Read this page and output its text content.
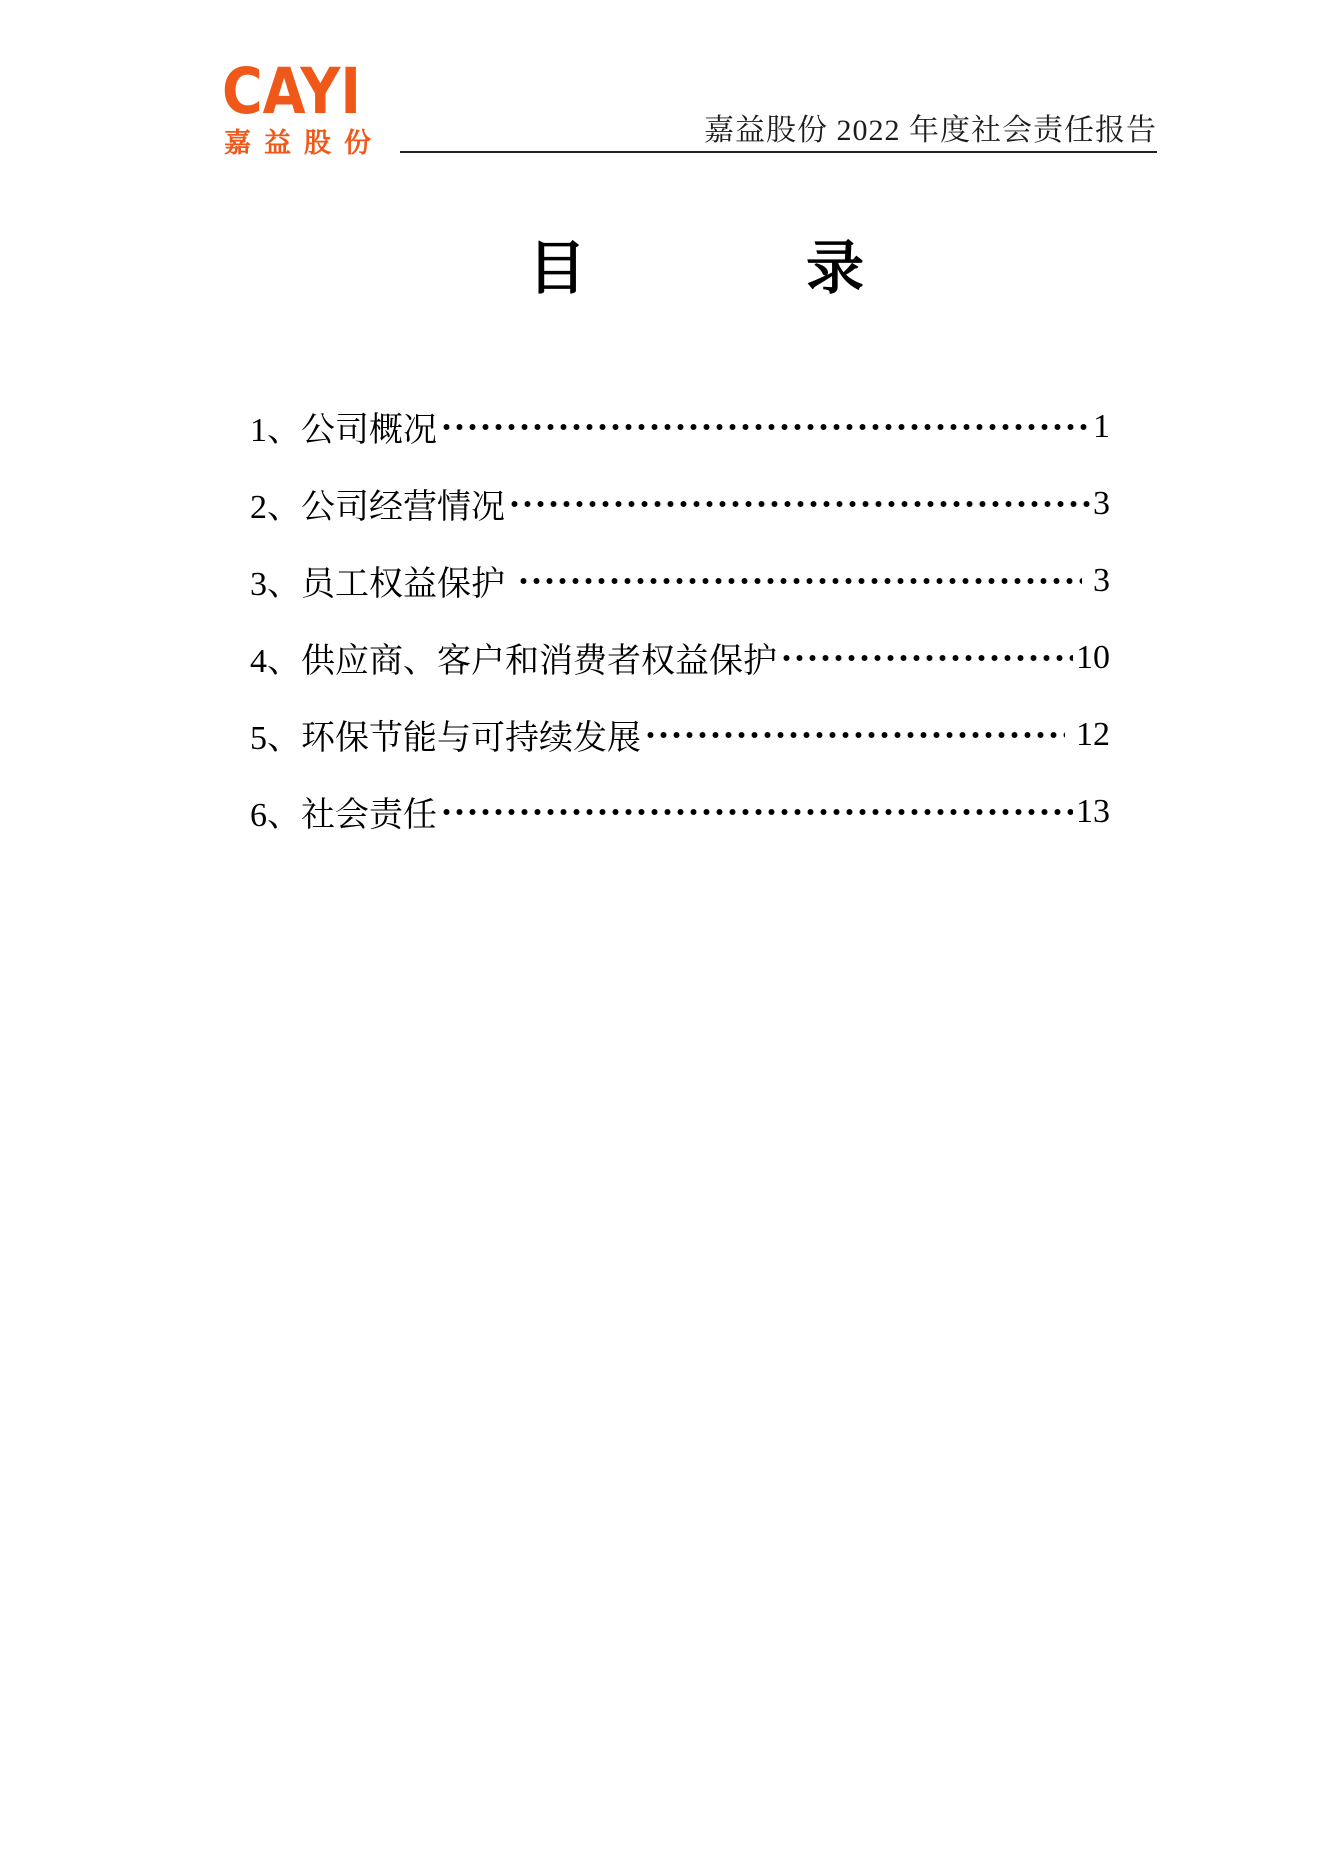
CAYI
嘉益股份	嘉益股份 2022 年度社会责任报告
目	录
1、公司概况	1
2、公司经营情况	3
3、员工权益保护	3
4、供应商、客户和消费者权益保护	10
5、环保节能与可持续发展	12
6、社会责任	13
